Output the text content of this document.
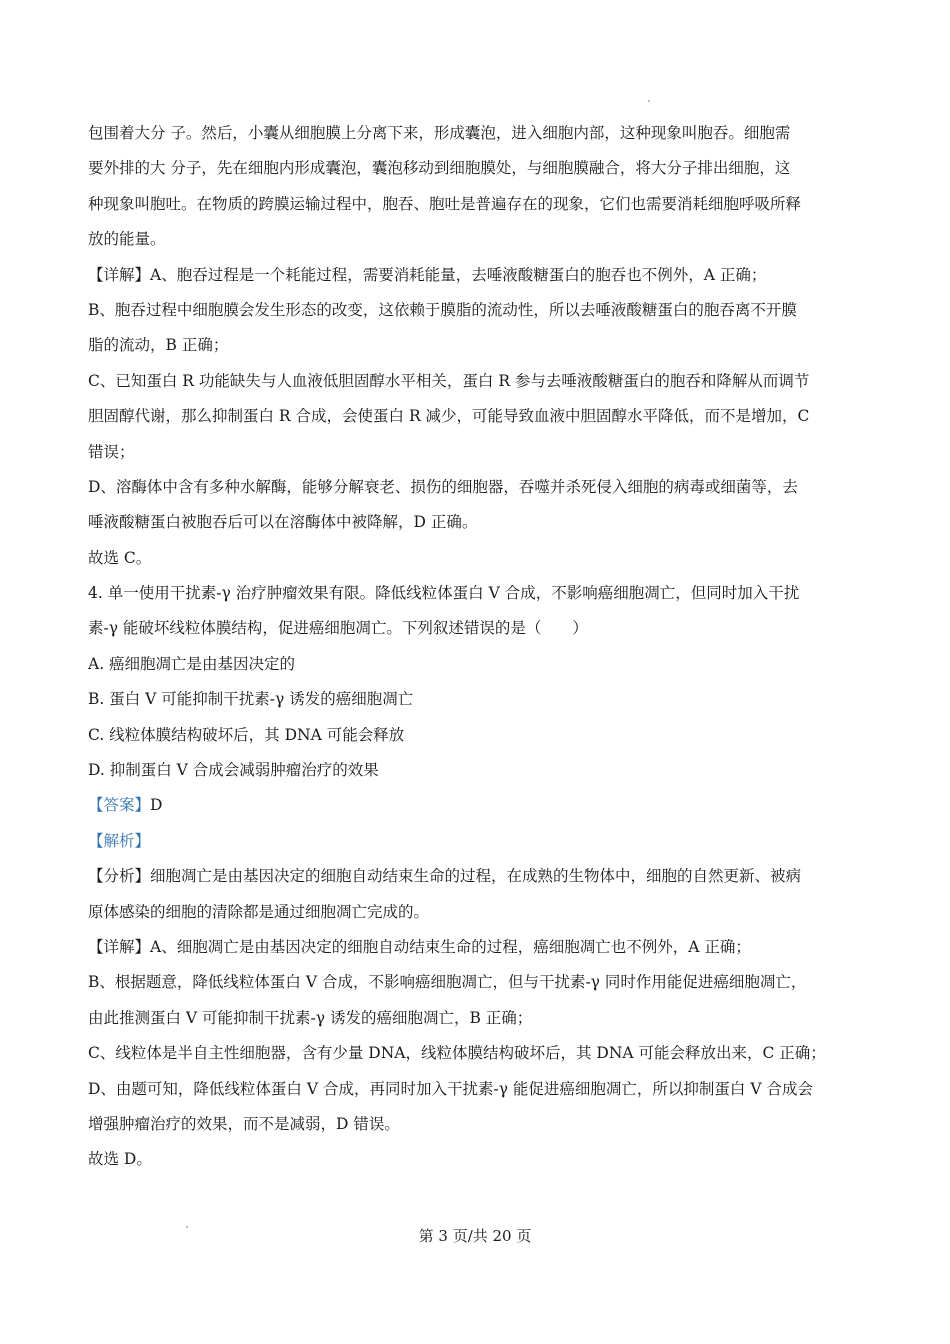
包围着大分 子。然后，小囊从细胞膜上分离下来，形成囊泡，进入细胞内部，这种现象叫胞吞。细胞需

要外排的大 分子，先在细胞内形成囊泡，囊泡移动到细胞膜处，与细胞膜融合，将大分子排出细胞，这

种现象叫胞吐。在物质的跨膜运输过程中，胞吞、胞吐是普遍存在的现象，它们也需要消耗细胞呼吸所释

放的能量。

【详解】A、胞吞过程是一个耗能过程，需要消耗能量，去唾液酸糖蛋白的胞吞也不例外，A 正确；

B、胞吞过程中细胞膜会发生形态的改变，这依赖于膜脂的流动性，所以去唾液酸糖蛋白的胞吞离不开膜

脂的流动，B 正确；

C、已知蛋白 R 功能缺失与人血液低胆固醇水平相关，蛋白 R 参与去唾液酸糖蛋白的胞吞和降解从而调节

胆固醇代谢，那么抑制蛋白 R 合成，会使蛋白 R 减少，可能导致血液中胆固醇水平降低，而不是增加，C

错误；

D、溶酶体中含有多种水解酶，能够分解衰老、损伤的细胞器，吞噬并杀死侵入细胞的病毒或细菌等，去

唾液酸糖蛋白被胞吞后可以在溶酶体中被降解，D 正确。

故选 C。

4. 单一使用干扰素-γ 治疗肿瘤效果有限。降低线粒体蛋白 V 合成，不影响癌细胞凋亡，但同时加入干扰

素-γ 能破坏线粒体膜结构，促进癌细胞凋亡。下列叙述错误的是（　　）

A. 癌细胞凋亡是由基因决定的

B. 蛋白 V 可能抑制干扰素-γ 诱发的癌细胞凋亡

C. 线粒体膜结构破坏后，其 DNA 可能会释放

D. 抑制蛋白 V 合成会减弱肿瘤治疗的效果

【答案】D

【解析】

【分析】细胞凋亡是由基因决定的细胞自动结束生命的过程，在成熟的生物体中，细胞的自然更新、被病

原体感染的细胞的清除都是通过细胞凋亡完成的。

【详解】A、细胞凋亡是由基因决定的细胞自动结束生命的过程，癌细胞凋亡也不例外，A 正确；

B、根据题意，降低线粒体蛋白 V 合成，不影响癌细胞凋亡，但与干扰素-γ 同时作用能促进癌细胞凋亡，

由此推测蛋白 V 可能抑制干扰素-γ 诱发的癌细胞凋亡，B 正确；

C、线粒体是半自主性细胞器，含有少量 DNA，线粒体膜结构破坏后，其 DNA 可能会释放出来，C 正确；

D、由题可知，降低线粒体蛋白 V 合成，再同时加入干扰素-γ 能促进癌细胞凋亡，所以抑制蛋白 V 合成会

增强肿瘤治疗的效果，而不是减弱，D 错误。

故选 D。

第 3 页/共 20 页
